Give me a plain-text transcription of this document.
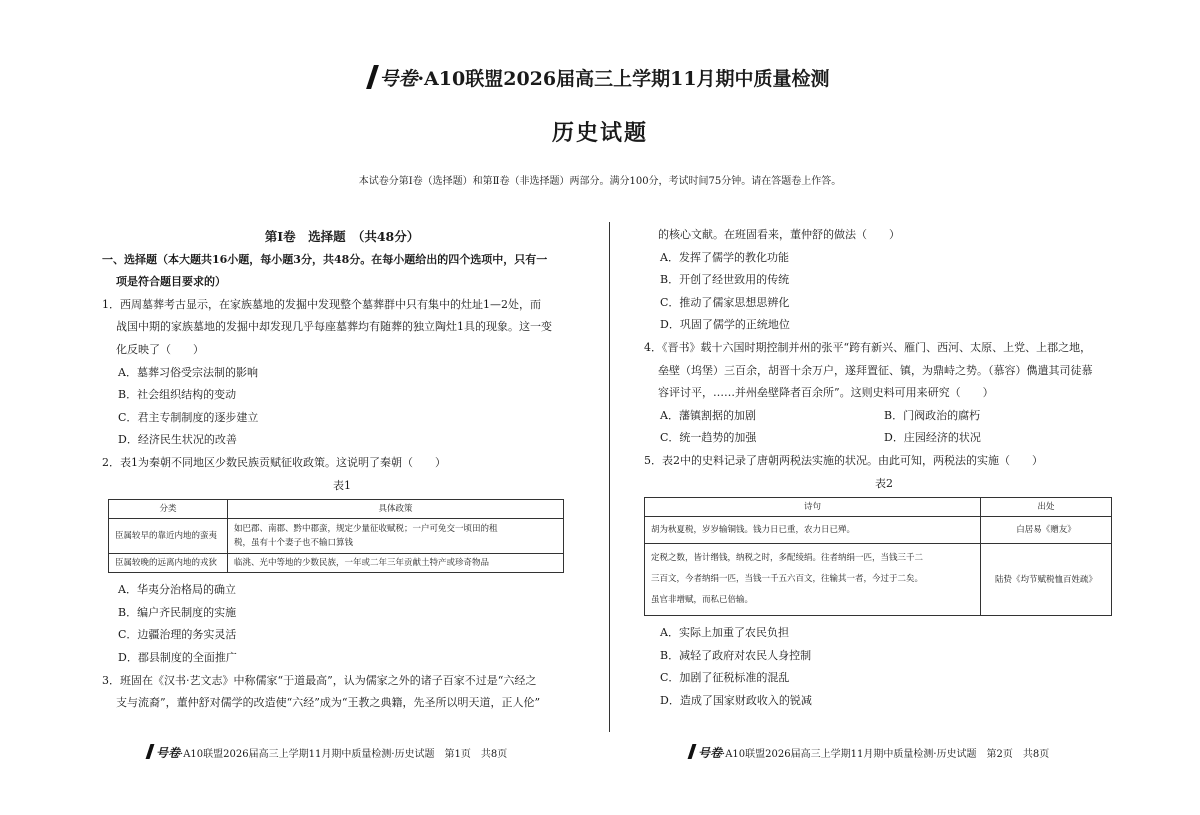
号卷·A10联盟2026届高三上学期11月期中质量检测
历史试题
本试卷分第Ⅰ卷（选择题）和第Ⅱ卷（非选择题）两部分。满分100分，考试时间75分钟。请在答题卷上作答。

第Ⅰ卷　选择题　（共48分）

一、选择题（本大题共16小题，每小题3分，共48分。在每小题给出的四个选项中，只有一

项是符合题目要求的）

1．西周墓葬考古显示，在家族墓地的发掘中发现整个墓葬群中只有集中的灶址1—2处，而

战国中期的家族墓地的发掘中却发现几乎每座墓葬均有随葬的独立陶灶1具的现象。这一变

化反映了（　　）

A．墓葬习俗受宗法制的影响

B．社会组织结构的变动

C．君主专制制度的逐步建立

D．经济民生状况的改善

2．表1为秦朝不同地区少数民族贡赋征收政策。这说明了秦朝（　　）

表1

分类	具体政策
臣属较早的靠近内地的蛮夷	如巴郡、南郡、黔中郡蛮，规定少量征收赋税；一户可免交一顷田的租
税，虽有十个妻子也不输口算钱
臣属较晚的远离内地的戎狄	临洮、光中等地的少数民族，一年或二年三年贡献土特产或珍奇物品

A．华夷分治格局的确立

B．编户齐民制度的实施

C．边疆治理的务实灵活

D．郡县制度的全面推广

3．班固在《汉书·艺文志》中称儒家“于道最高”，认为儒家之外的诸子百家不过是“六经之

支与流裔”，董仲舒对儒学的改造使“六经”成为“王教之典籍，先圣所以明天道，正人伦”

的核心文献。在班固看来，董仲舒的做法（　　）

A．发挥了儒学的教化功能

B．开创了经世致用的传统

C．推动了儒家思想思辨化

D．巩固了儒学的正统地位

4．《晋书》载十六国时期控制并州的张平“跨有新兴、雁门、西河、太原、上党、上郡之地，

垒壁（坞堡）三百余，胡晋十余万户，遂拜置征、镇，为鼎峙之势。（慕容）儁遣其司徒慕

容评讨平，……并州垒壁降者百余所”。这则史料可用来研究（　　）

A．藩镇割据的加剧	B．门阀政治的腐朽

C．统一趋势的加强	D．庄园经济的状况

5．表2中的史料记录了唐朝两税法实施的状况。由此可知，两税法的实施（　　）

表2

诗句	出处
胡为秋夏税，岁岁输铜钱。钱力日已重，农力日已殚。	白居易《赠友》
定税之数，皆计缗钱，纳税之时，多配绫绢。往者纳绢一匹，当钱三千二
三百文，今者纳绢一匹，当钱一千五六百文，往输其一者，今过于二矣。
虽官非增赋，而私已倍输。	陆贽《均节赋税恤百姓疏》

A．实际上加重了农民负担

B．减轻了政府对农民人身控制

C．加剧了征税标准的混乱

D．造成了国家财政收入的锐减

号卷·A10联盟2026届高三上学期11月期中质量检测·历史试题　第1页　共8页	号卷·A10联盟2026届高三上学期11月期中质量检测·历史试题　第2页　共8页
